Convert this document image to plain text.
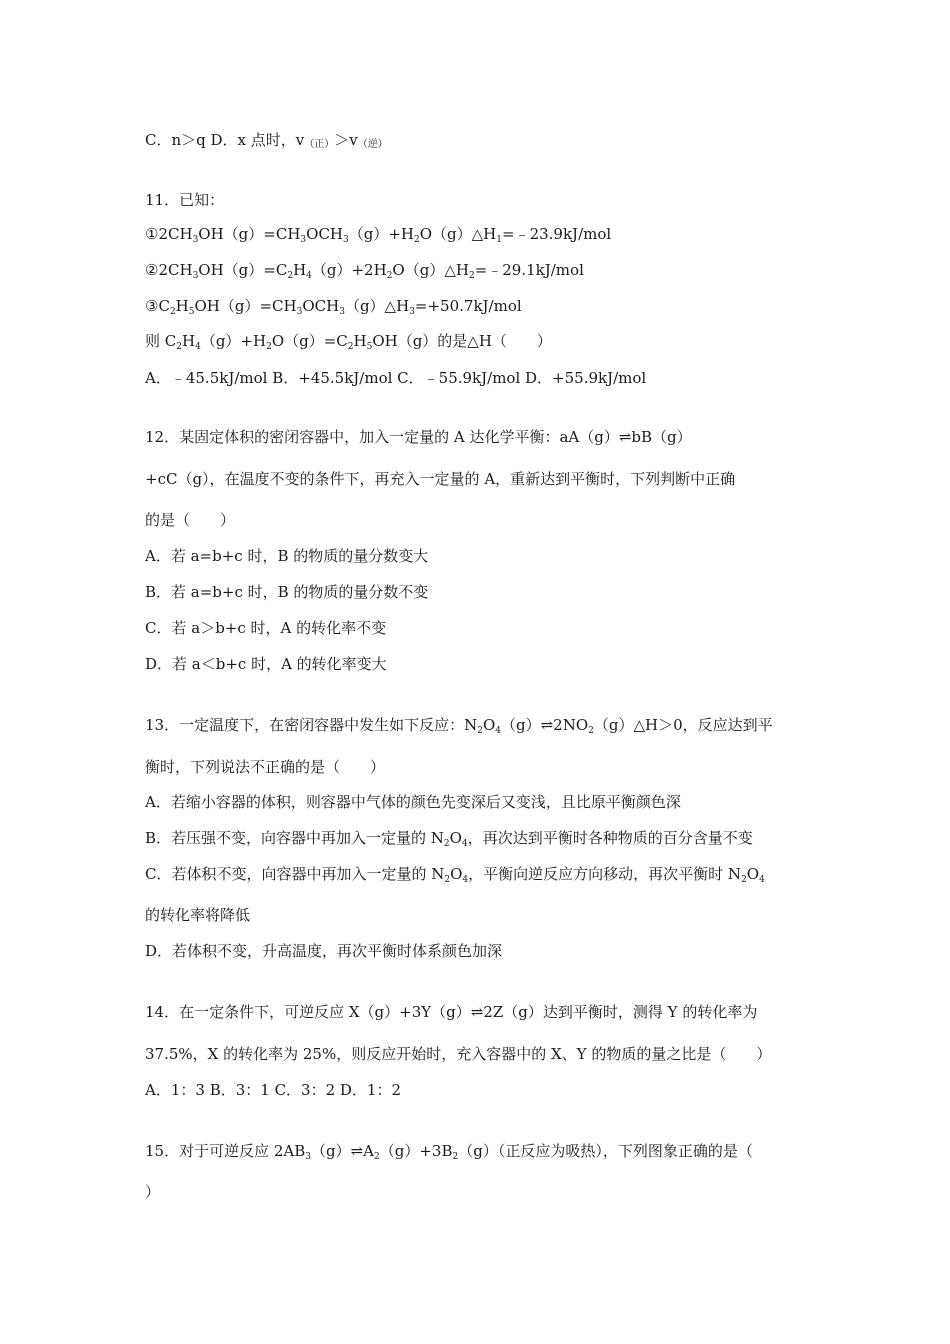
C．n＞q D．x 点时，v（正）＞v（逆）
11．已知：
$①2CH_3OH(g)=CH_3OCH_3(g)+H_2O(g)\triangle H_1=﹣23.9kJ$/mol
$②2CH_3OH(g)=C_2H_4(g)+2H_2O(g)\triangle H_2=﹣29.1kJ$/mol
$③C_2H_5OH(g)=CH_3OCH_3(g)\triangle H_3=+50.7kJ$/mol
则 $C_2H_4(g)+H_2O(g)=C_2H_5OH(g)$的是△H（　　）
A．﹣45.5kJ/mol B．+45.5kJ/mol C．﹣55.9kJ/mol D．+55.9kJ/mol
12．某固定体积的密闭容器中，加入一定量的 A 达化学平衡：aA（g）⇌bB（g）
+cC（g），在温度不变的条件下，再充入一定量的 A，重新达到平衡时，下列判断中正确
的是（　　）
A．若 a=b+c 时，B 的物质的量分数变大
B．若 a=b+c 时，B 的物质的量分数不变
C．若 a＞b+c 时，A 的转化率不变
D．若 a＜b+c 时，A 的转化率变大
13．一定温度下，在密闭容器中发生如下反应：$N_2O_4(g)\rightleftharpoons 2NO_2(g)\triangle H>0$，反应达到平
衡时，下列说法不正确的是（　　）
A．若缩小容器的体积，则容器中气体的颜色先变深后又变浅，且比原平衡颜色深
B．若压强不变，向容器中再加入一定量的 $N_2O_4$，再次达到平衡时各种物质的百分含量不变
C．若体积不变，向容器中再加入一定量的 $N_2O_4$，平衡向逆反应方向移动，再次平衡时 $N_2O_4$
的转化率将降低
D．若体积不变，升高温度，再次平衡时体系颜色加深
14．在一定条件下，可逆反应 X（g）+3Y（g）⇌2Z（g）达到平衡时，测得 Y 的转化率为
37.5%，X 的转化率为 25%，则反应开始时，充入容器中的 X、Y 的物质的量之比是（　　）
A．1：3 B．3：1 C．3：2 D．1：2
15．对于可逆反应 $2AB_3(g)\rightleftharpoons A_2(g)+3B_2(g)$（正反应为吸热），下列图象正确的是（
）
